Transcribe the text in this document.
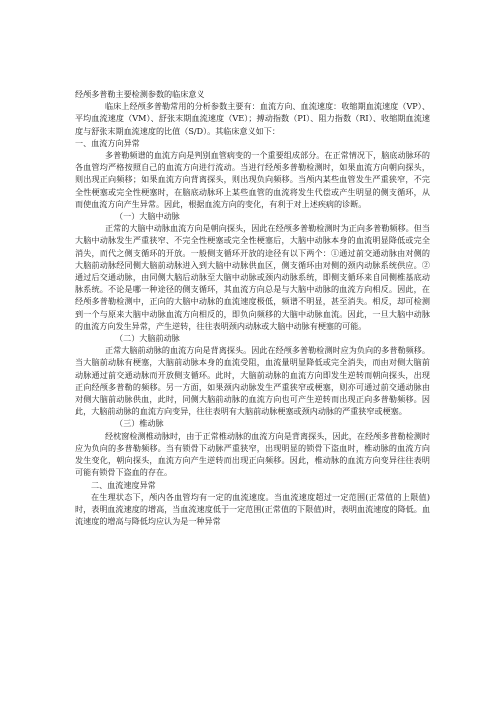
经颅多普勒主要检测参数的临床意义

临床上经颅多普勒常用的分析参数主要有：血流方向、血流速度：收缩期血流速度（VP）、平均血流速度（VM）、舒张末期血流速度（VE）；搏动指数（PI）、阻力指数（RI）、收缩期血流速度与舒张末期血流速度的比值（S/D）。其临床意义如下：

一、血流方向异常

多普勒频谱的血流方向是判别血管病变的一个重要组成部分。在正常情况下，脑底动脉环的各血管均严格按照自己的血流方向进行流动。当进行经颅多普勒检测时，如果血流方向朝向探头，则出现正向频移；如果血流方向背离探头，则出现负向频移。当颅内某些血管发生严重狭窄，不完全性梗塞或完全性梗塞时，在脑底动脉环上某些血管的血流将发生代偿或产生明显的侧支循环，从而使血流方向产生异常。因此，根据血流方向的变化，有利于对上述疾病的诊断。

（一）大脑中动脉

正常的大脑中动脉血流方向是朝向探头，因此在经颅多普勒检测时为正向多普勒频移。但当大脑中动脉发生严重狭窄、不完全性梗塞或完全性梗塞后，大脑中动脉本身的血流明显降低或完全消失，而代之侧支循环的开放。一般侧支循环开放的途径有以下两个：①通过前交通动脉由对侧的大脑前动脉经同侧大脑前动脉进入到大脑中动脉供血区，侧支循环由对侧的颈内动脉系统供应。②通过后交通动脉，由同侧大脑后动脉至大脑中动脉或颈内动脉系统，即侧支循环来自同侧椎基底动脉系统。不论是哪一种途径的侧支循环，其血流方向总是与大脑中动脉的血流方向相反。因此，在经颅多普勒检测中，正向的大脑中动脉的血流速度极低，频谱不明显，甚至消失。相反，却可检测到一个与原来大脑中动脉血流方向相反的，即负向频移的大脑中动脉血流。因此，一旦大脑中动脉的血流方向发生异常，产生逆转，往往表明颈内动脉或大脑中动脉有梗塞的可能。

（二）大脑前动脉

正常大脑前动脉的血流方向是背离探头。因此在经颅多普勒检测时应为负向的多普勒频移。当大脑前动脉有梗塞，大脑前动脉本身的血流受阻，血流量明显降低或完全消失，而由对侧大脑前动脉通过前交通动脉而开放侧支循环。此时，大脑前动脉的血流方向即发生逆转而朝向探头，出现正向经颅多普勒的频移。另一方面，如果颈内动脉发生严重狭窄或梗塞，则亦可通过前交通动脉由对侧大脑前动脉供血，此时，同侧大脑前动脉的血流方向也可产生逆转而出现正向多普勒频移。因此，大脑前动脉的血流方向变异，往往表明有大脑前动脉梗塞或颈内动脉的严重狭窄或梗塞。

（三）椎动脉

经枕窗检测椎动脉时，由于正常椎动脉的血流方向是背离探头，因此，在经颅多普勒检测时应为负向的多普勒频移。当有锁骨下动脉严重狭窄，出现明显的锁骨下盗血时，椎动脉的血流方向发生变化，朝向探头，血流方向产生逆转而出现正向频移。因此，椎动脉的血流方向变异往往表明可能有锁骨下盗血的存在。

二、血流速度异常

在生理状态下，颅内各血管均有一定的血流速度。当血流速度超过一定范围(正常值的上限值)时，表明血流速度的增高，当血流速度低于一定范围(正常值的下限值)时，表明血流速度的降低。血流速度的增高与降低均应认为是一种异常
